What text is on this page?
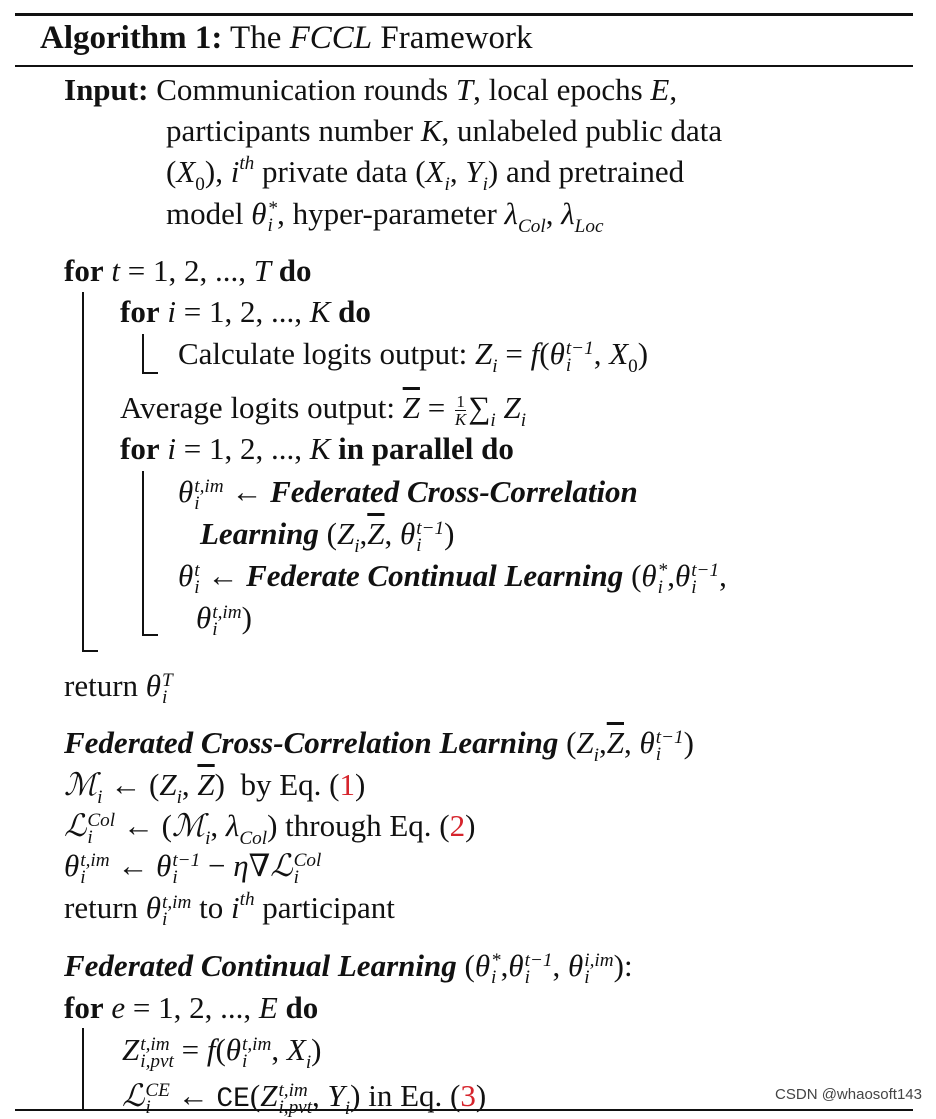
Algorithm 1: The FCCL Framework
Input: Communication rounds T, local epochs E,
participants number K, unlabeled public data
$(X_0)$, $i^{th}$ private data ($X_i$, $Y_i$) and pretrained
model θ *
i , hyper-parameter $\lambda_{Col}$, $\lambda_{Loc}$
for t = 1, 2, ..., T do
for i = 1, 2, ..., K do
Calculate logits output: $Z_i = f(\theta$ t−1
i , $X_0$)
Average logits output: $\overline{Z} = \frac{1}{K} \sum_i$ $Z_i$
for i = 1, 2, ..., K in parallel do
θ t,im
i ← Federated Cross-Correlation
Learning ($Z_i,\overline{Z}$, θ t−1
i )
θ t
i ← Federate Continual Learning (θ *
i ,θ t−1
i ,
θ t,im
i )
return θ T
i
Federated Cross-Correlation Learning ($Z_i,\overline{Z}$, θ t−1
i )
ℳ$_i$ ← ($Z_i$, $\overline{Z}$)  by Eq. (1)
ℒ Col
i ← (ℳ$_i$, $\lambda_{Col}$) through Eq. (2)
θ t,im
i ← θ t−1
i − η∇ℒ Col
i
return θ t,im
i	to $i^{th}$ participant
Federated Continual Learning (θ *
i ,θ t−1
i , θ i,im
i ):
for e = 1, 2, ..., E do
Z t,im
i,pvt = f(θ t,im
i , $X_i$)
ℒ CE
i ← CE(Z t,im
i,pvt , $Y_i$) in Eq. (3)	CSDN @whaosoft143
